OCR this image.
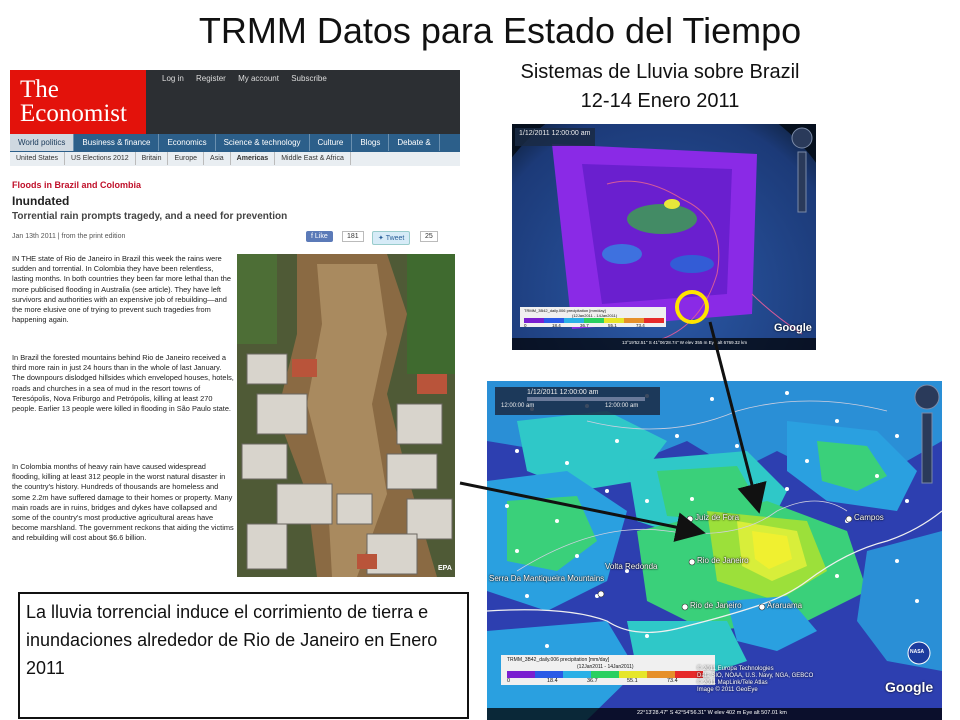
TRMM Datos para Estado del Tiempo
Sistemas de Lluvia sobre Brazil
12-14 Enero 2011
The
Economist
Log in Register My account Subscribe
World politics Business & finance Economics Science & technology Culture Blogs Debate &
United States US Elections 2012 Britain Europe Asia Americas Middle East & Africa
Floods in Brazil and Colombia
Inundated
Torrential rain prompts tragedy, and a need for prevention
Jan 13th 2011 | from the print edition	f Like	181	✦ Tweet	25

IN THE state of Rio de Janeiro in Brazil this week the rains were sudden and torrential. In Colombia they have been relentless, lasting months. In both countries they been far more lethal than the more publicised flooding in Australia (see article). They have left survivors and authorities with an expensive job of rebuilding—and the more elusive one of trying to prevent such tragedies from happening again.

In Brazil the forested mountains behind Rio de Janeiro received a third more rain in just 24 hours than in the whole of last January. The downpours dislodged hillsides which enveloped houses, hotels, roads and churches in a sea of mud in the resort towns of Teresópolis, Nova Friburgo and Petrópolis, killing at least 270 people. Earlier 13 people were killed in flooding in São Paulo state.

In Colombia months of heavy rain have caused widespread flooding, killing at least 312 people in the worst natural disaster in the country's history. Hundreds of thousands are homeless and some 2.2m have suffered damage to their homes or property. Many main roads are in ruins, bridges and dykes have collapsed and some of the country's most productive agricultural areas have become marshland. The government reckons that aiding the victims and rebuilding will cost about $6.6 billion.

EPA
La lluvia torrencial induce el corrimiento de tierra e inundaciones alrededor de Rio de Janeiro en Enero 2011
1/12/2011 12:00:00 am
TRMM_3B42_daily.006 precipitation [mm/day]
(12Jan2011 - 14Jan2011)
0	18.4	36.7	55.1	73.4
13°19'52.51" S 41°06'28.74" W elev 355 m Eye alt 6769.32 km
Google
1/12/2011 12:00:00 am
12:00:00 am	12:00:00 am
Juiz de Fora	Campos
Volta Redonda
Rio de Janeiro
Serra Da Mantiqueira Mountains
Rio de Janeiro	Araruama
TRMM_3B42_daily.006 precipitation [mm/day]
(12Jan2011 - 14Jan2011)
0	18.4	36.7	55.1	73.4
© 2011 Europa Technologies
Data SIO, NOAA, U.S. Navy, NGA, GEBCO
© 2011 MapLink/Tele Atlas
Image © 2011 GeoEye
NASA
Google
22°13'28.47" S 42°54'56.31" W elev 402 m Eye alt 507.01 km
